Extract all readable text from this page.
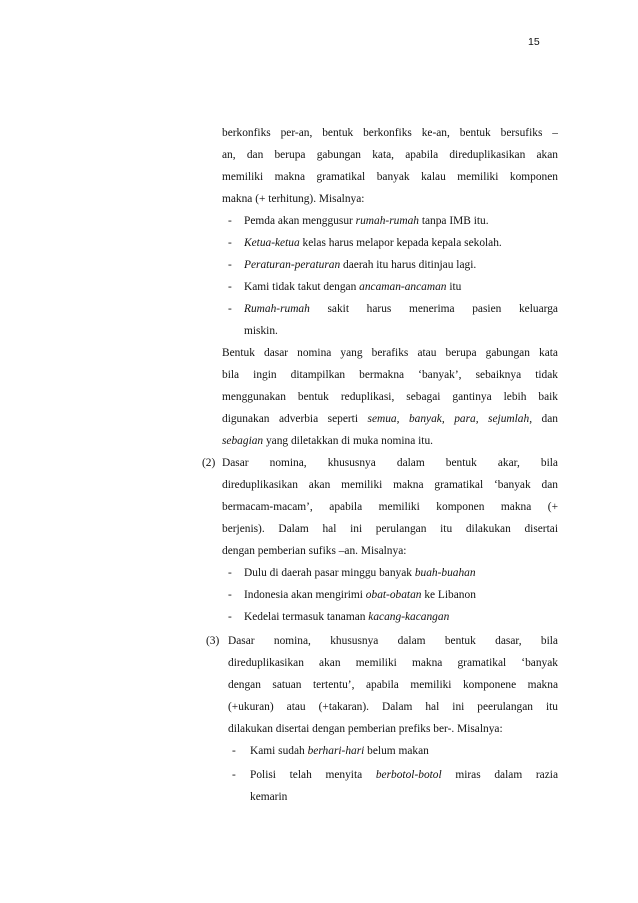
15
berkonfiks per-an, bentuk berkonfiks ke-an, bentuk bersufiks –
an, dan berupa gabungan kata, apabila direduplikasikan akan
memiliki makna gramatikal banyak kalau memiliki komponen
makna (+ terhitung). Misalnya:
- Pemda akan menggusur rumah-rumah tanpa IMB itu.
- Ketua-ketua kelas harus melapor kepada kepala sekolah.
- Peraturan-peraturan daerah itu harus ditinjau lagi.
- Kami tidak takut dengan ancaman-ancaman itu
- Rumah-rumah sakit harus menerima pasien keluarga
miskin.
Bentuk dasar nomina yang berafiks atau berupa gabungan kata
bila ingin ditampilkan bermakna ‘banyak’, sebaiknya tidak
menggunakan bentuk reduplikasi, sebagai gantinya lebih baik
digunakan adverbia seperti semua, banyak, para, sejumlah, dan
sebagian yang diletakkan di muka nomina itu.
(2) Dasar nomina, khususnya dalam bentuk akar, bila
direduplikasikan akan memiliki makna gramatikal ‘banyak dan
bermacam-macam’, apabila memiliki komponen makna (+
berjenis). Dalam hal ini perulangan itu dilakukan disertai
dengan pemberian sufiks –an. Misalnya:
- Dulu di daerah pasar minggu banyak buah-buahan
- Indonesia akan mengirimi obat-obatan ke Libanon
- Kedelai termasuk tanaman kacang-kacangan
(3) Dasar nomina, khususnya dalam bentuk dasar, bila
direduplikasikan akan memiliki makna gramatikal ‘banyak
dengan satuan tertentu’, apabila memiliki komponene makna
(+ukuran) atau (+takaran). Dalam hal ini peerulangan itu
dilakukan disertai dengan pemberian prefiks ber-. Misalnya:
- Kami sudah berhari-hari belum makan
- Polisi telah menyita berbotol-botol miras dalam razia
kemarin
